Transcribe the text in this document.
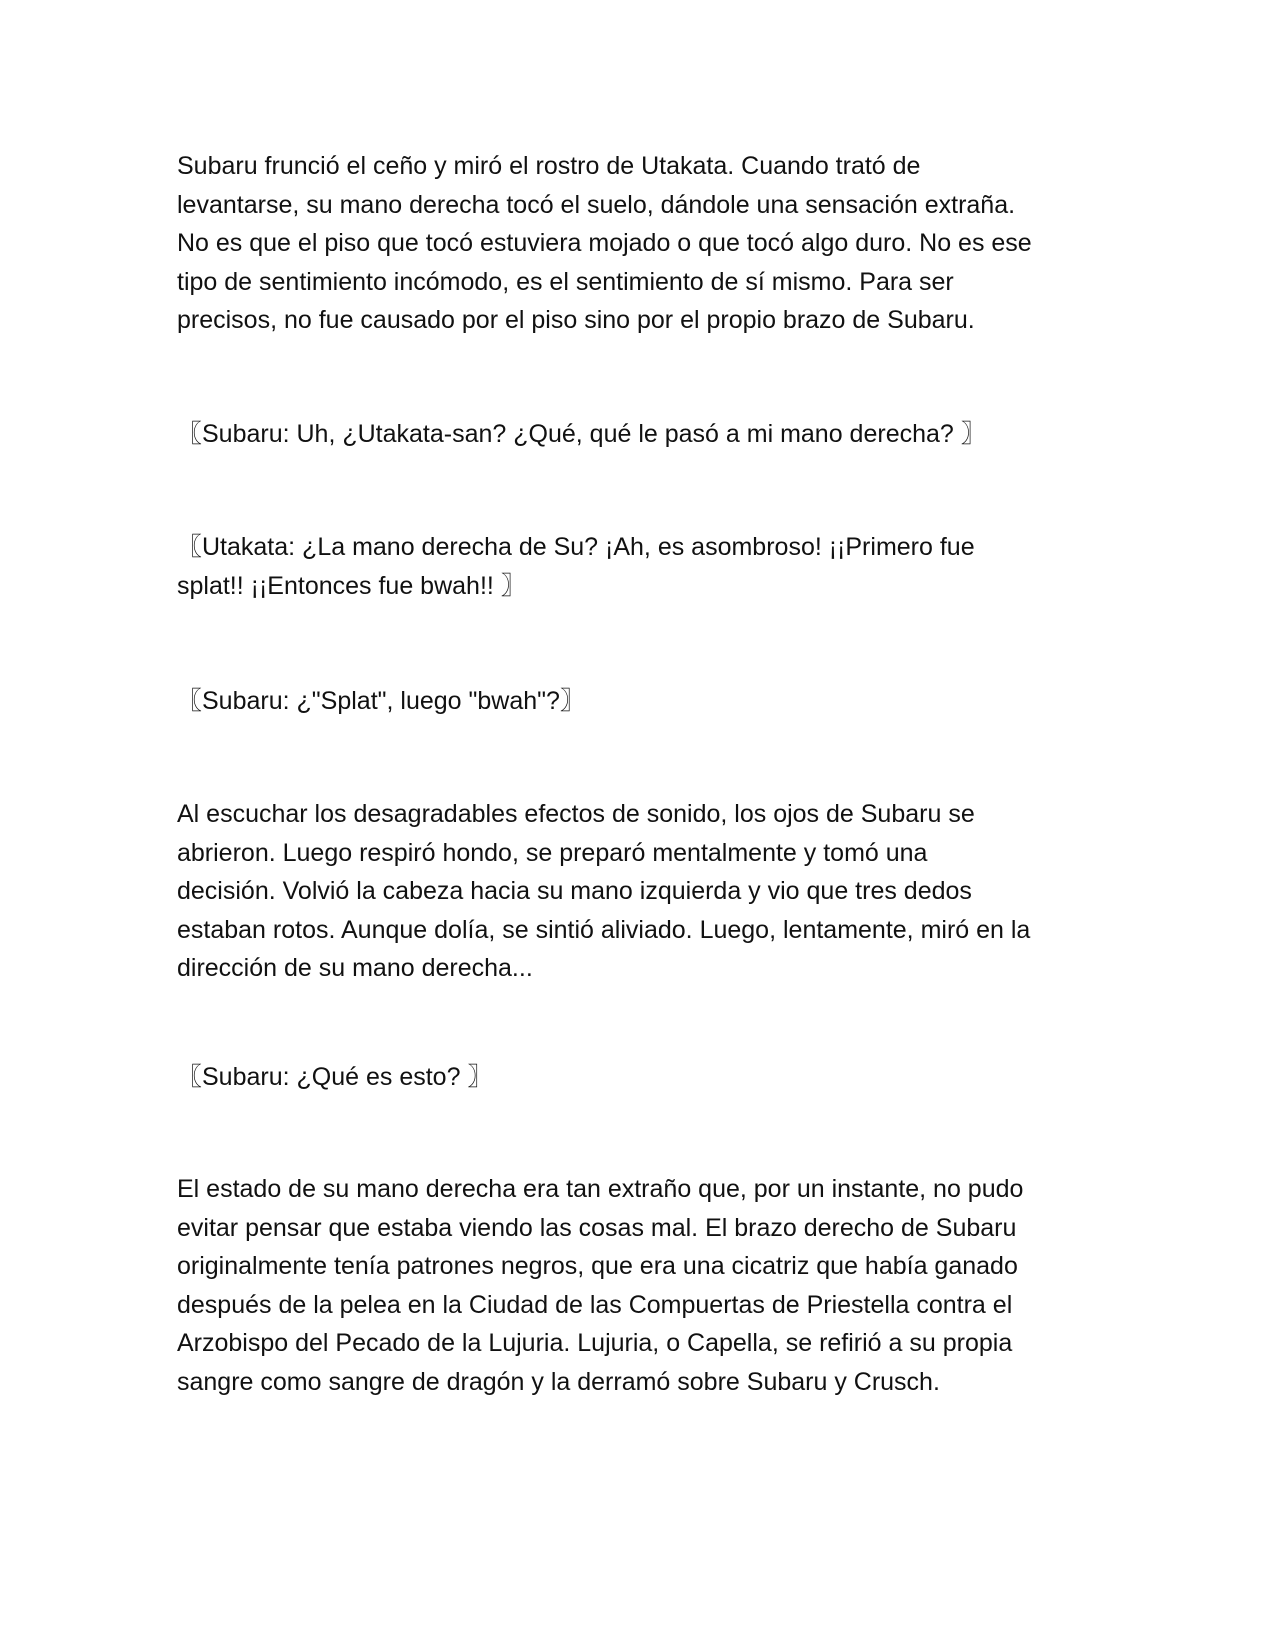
Subaru frunció el ceño y miró el rostro de Utakata. Cuando trató de
levantarse, su mano derecha tocó el suelo, dándole una sensación extraña.
No es que el piso que tocó estuviera mojado o que tocó algo duro. No es ese
tipo de sentimiento incómodo, es el sentimiento de sí mismo. Para ser
precisos, no fue causado por el piso sino por el propio brazo de Subaru.

〖Subaru: Uh, ¿Utakata-san? ¿Qué, qué le pasó a mi mano derecha? 〗

〖Utakata: ¿La mano derecha de Su? ¡Ah, es asombroso! ¡¡Primero fue
splat!! ¡¡Entonces fue bwah!! 〗

〖Subaru: ¿"Splat", luego "bwah"?〗

Al escuchar los desagradables efectos de sonido, los ojos de Subaru se
abrieron. Luego respiró hondo, se preparó mentalmente y tomó una
decisión. Volvió la cabeza hacia su mano izquierda y vio que tres dedos
estaban rotos. Aunque dolía, se sintió aliviado. Luego, lentamente, miró en la
dirección de su mano derecha...

〖Subaru: ¿Qué es esto? 〗

El estado de su mano derecha era tan extraño que, por un instante, no pudo
evitar pensar que estaba viendo las cosas mal. El brazo derecho de Subaru
originalmente tenía patrones negros, que era una cicatriz que había ganado
después de la pelea en la Ciudad de las Compuertas de Priestella contra el
Arzobispo del Pecado de la Lujuria. Lujuria, o Capella, se refirió a su propia
sangre como sangre de dragón y la derramó sobre Subaru y Crusch.
